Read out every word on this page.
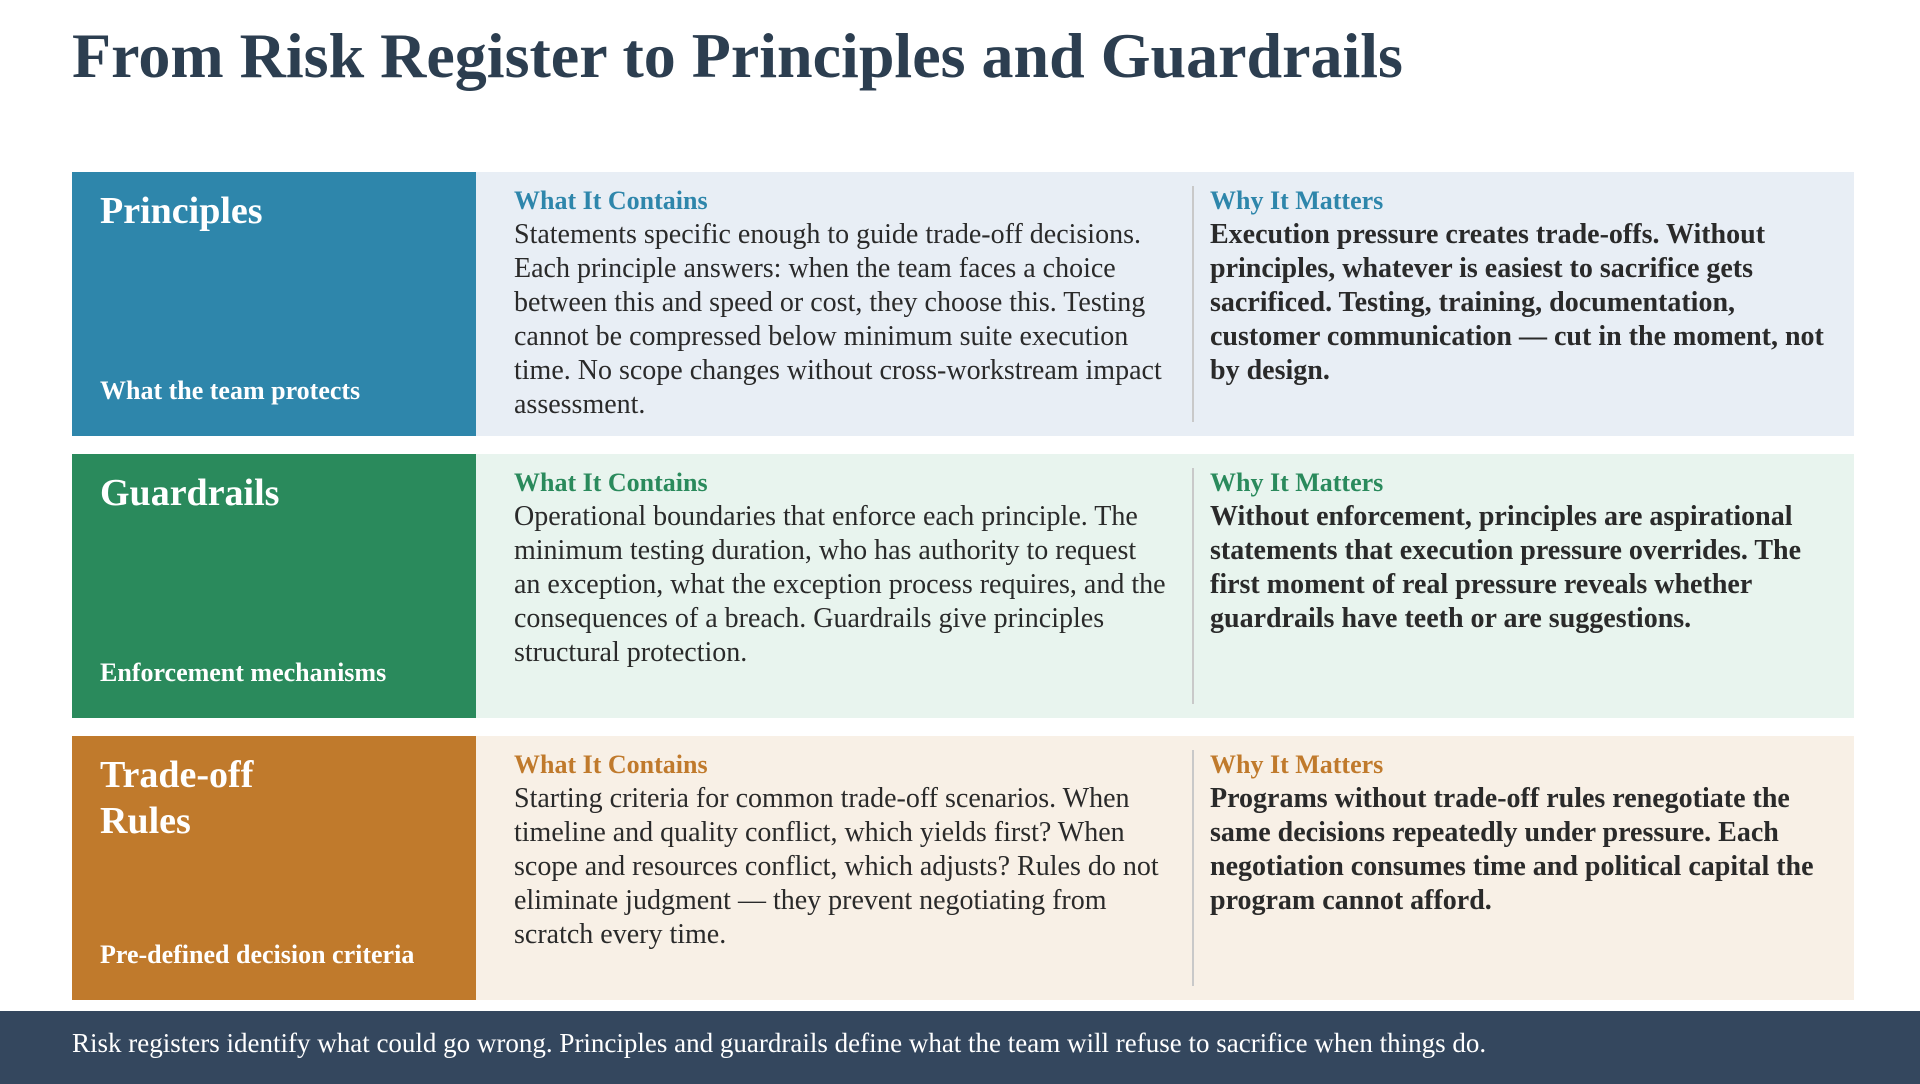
From Risk Register to Principles and Guardrails
Principles
What the team protects
What It Contains
Statements specific enough to guide trade-off decisions. Each principle answers: when the team faces a choice between this and speed or cost, they choose this. Testing cannot be compressed below minimum suite execution time. No scope changes without cross-workstream impact assessment.
Why It Matters
Execution pressure creates trade-offs. Without principles, whatever is easiest to sacrifice gets sacrificed. Testing, training, documentation, customer communication — cut in the moment, not by design.
Guardrails
Enforcement mechanisms
What It Contains
Operational boundaries that enforce each principle. The minimum testing duration, who has authority to request an exception, what the exception process requires, and the consequences of a breach. Guardrails give principles structural protection.
Why It Matters
Without enforcement, principles are aspirational statements that execution pressure overrides. The first moment of real pressure reveals whether guardrails have teeth or are suggestions.
Trade-off Rules
Pre-defined decision criteria
What It Contains
Starting criteria for common trade-off scenarios. When timeline and quality conflict, which yields first? When scope and resources conflict, which adjusts? Rules do not eliminate judgment — they prevent negotiating from scratch every time.
Why It Matters
Programs without trade-off rules renegotiate the same decisions repeatedly under pressure. Each negotiation consumes time and political capital the program cannot afford.
Risk registers identify what could go wrong. Principles and guardrails define what the team will refuse to sacrifice when things do.
